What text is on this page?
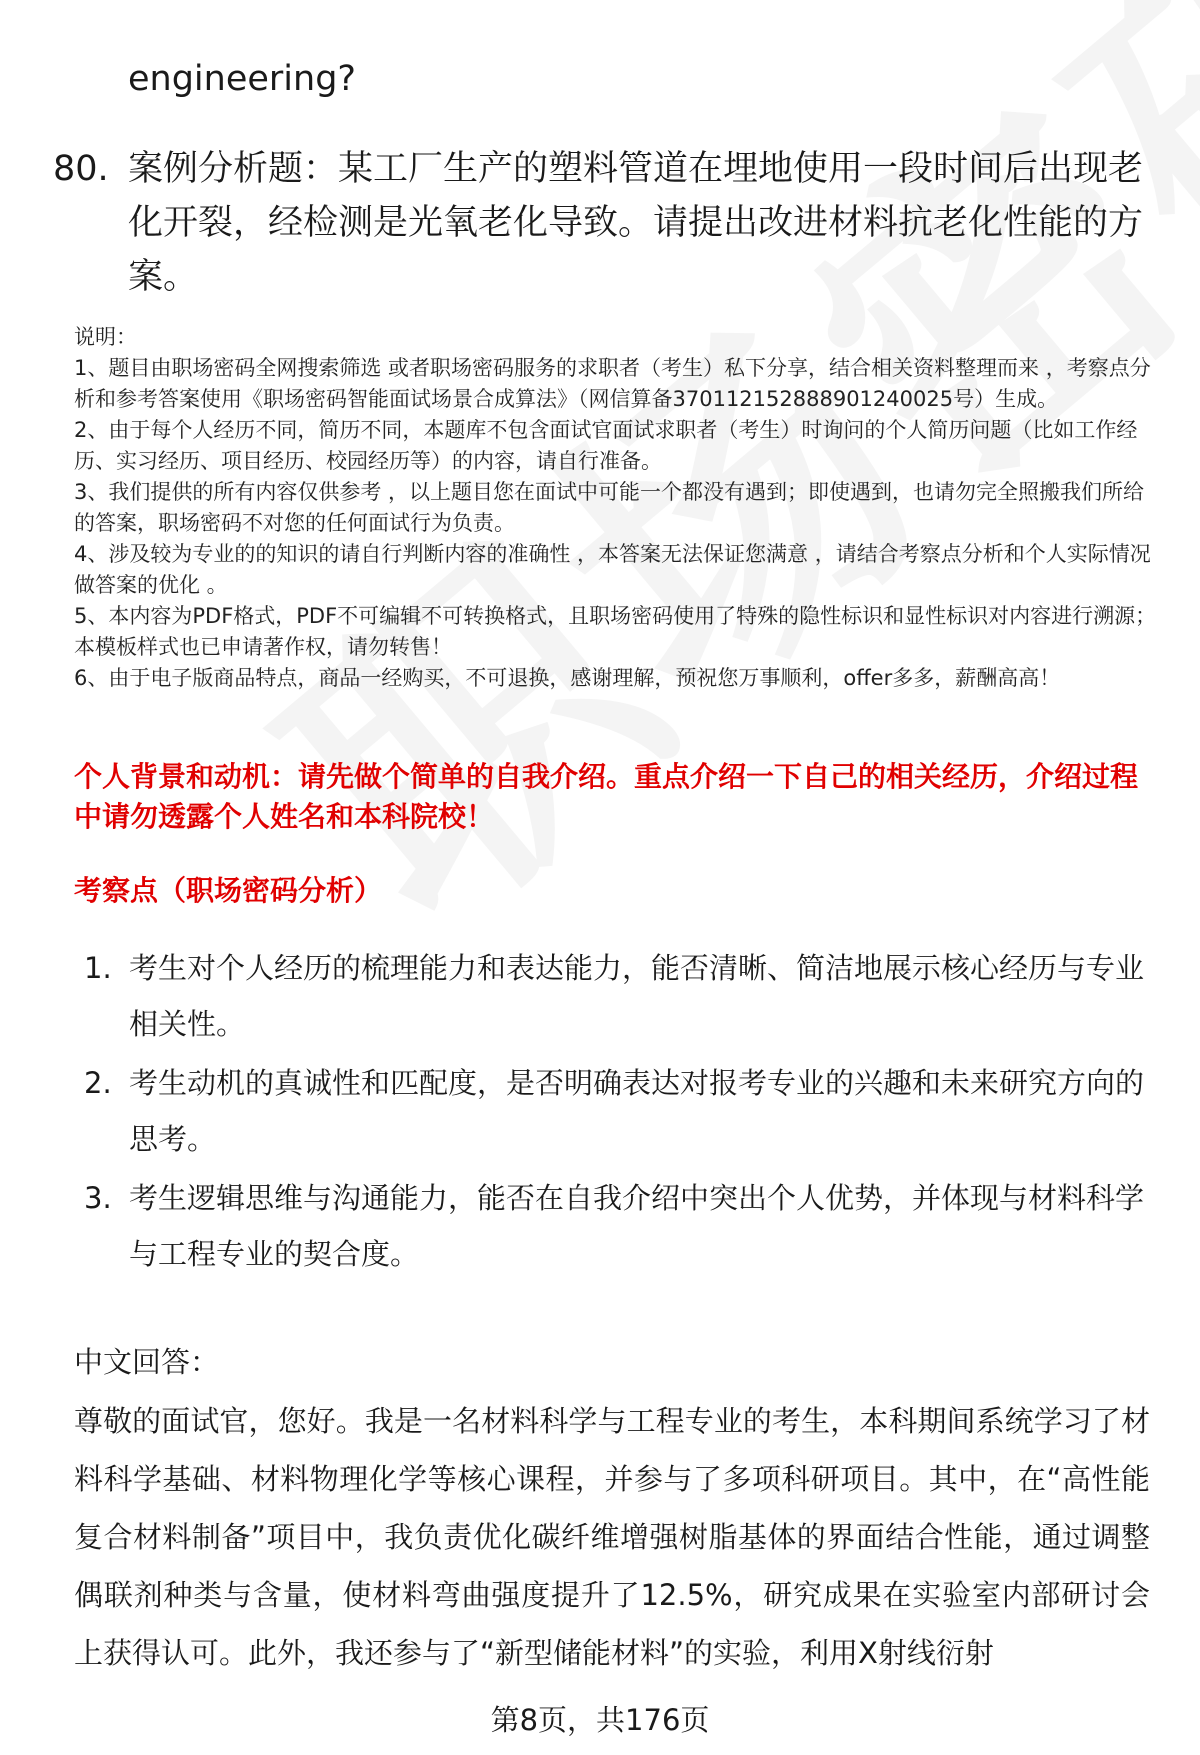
engineering?
80. 案例分析题：某工厂生产的塑料管道在埋地使用一段时间后出现老化开裂，经检测是光氧老化导致。请提出改进材料抗老化性能的方案。
说明：
1、题目由职场密码全网搜索筛选 或者职场密码服务的求职者（考生）私下分享，结合相关资料整理而来 ，考察点分析和参考答案使用《职场密码智能面试场景合成算法》（网信算备370112152888901240025号）生成。
2、由于每个人经历不同，简历不同，本题库不包含面试官面试求职者（考生）时询问的个人简历问题（比如工作经历、实习经历、项目经历、校园经历等）的内容，请自行准备。
3、我们提供的所有内容仅供参考 ，以上题目您在面试中可能一个都没有遇到；即使遇到，也请勿完全照搬我们所给的答案，职场密码不对您的任何面试行为负责。
4、涉及较为专业的的知识的请自行判断内容的准确性 ，本答案无法保证您满意 ，请结合考察点分析和个人实际情况做答案的优化 。
5、本内容为PDF格式，PDF不可编辑不可转换格式，且职场密码使用了特殊的隐性标识和显性标识对内容进行溯源；本模板样式也已申请著作权，请勿转售！
6、由于电子版商品特点，商品一经购买，不可退换，感谢理解，预祝您万事顺利，offer多多，薪酬高高！
个人背景和动机：请先做个简单的自我介绍。重点介绍一下自己的相关经历，介绍过程中请勿透露个人姓名和本科院校！
考察点（职场密码分析）
1. 考生对个人经历的梳理能力和表达能力，能否清晰、简洁地展示核心经历与专业相关性。
2. 考生动机的真诚性和匹配度，是否明确表达对报考专业的兴趣和未来研究方向的思考。
3. 考生逻辑思维与沟通能力，能否在自我介绍中突出个人优势，并体现与材料科学与工程专业的契合度。
中文回答：
尊敬的面试官，您好。我是一名材料科学与工程专业的考生，本科期间系统学习了材料科学基础、材料物理化学等核心课程，并参与了多项科研项目。其中，在“高性能复合材料制备”项目中，我负责优化碳纤维增强树脂基体的界面结合性能，通过调整偶联剂种类与含量，使材料弯曲强度提升了12.5%，研究成果在实验室内部研讨会上获得认可。此外，我还参与了“新型储能材料”的实验，利用X射线衍射
第8页，共176页
